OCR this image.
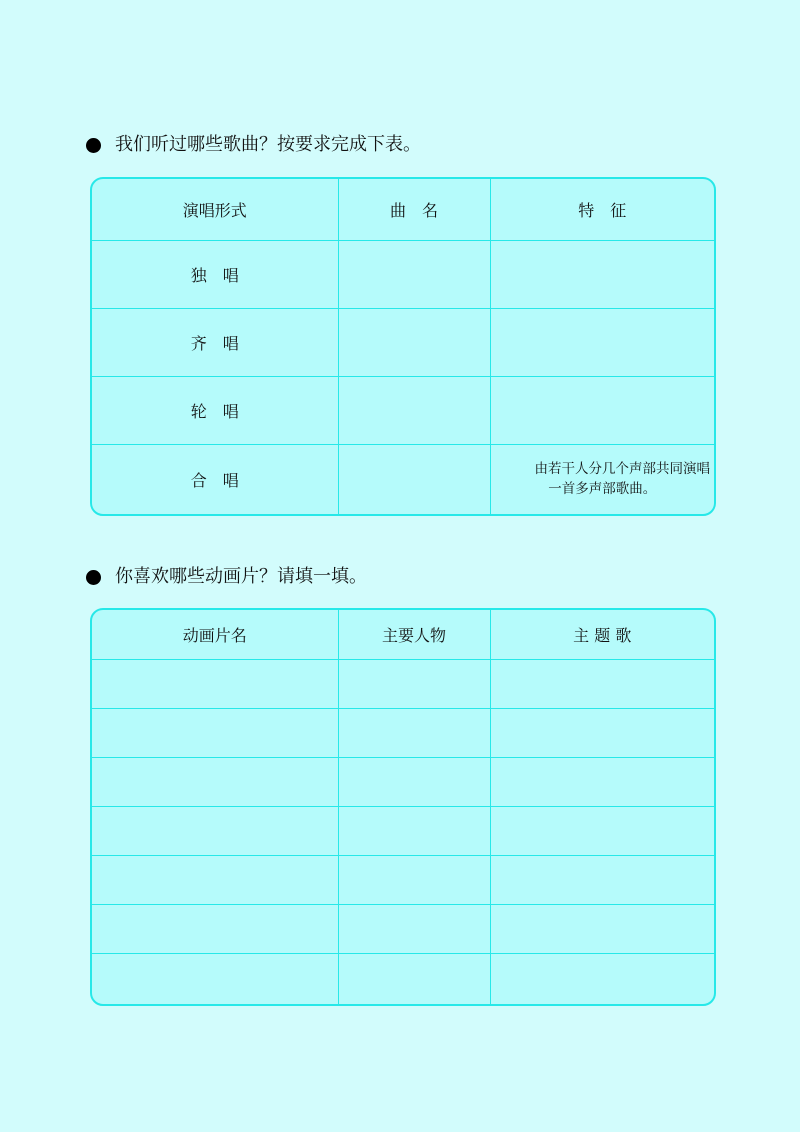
我们听过哪些歌曲？按要求完成下表。
演唱形式	曲　名	特　征
独　唱		
齐　唱		
轮　唱		
合　唱		由若干人分几个声部共同演唱一首多声部歌曲。
你喜欢哪些动画片？请填一填。
动画片名	主要人物	主 题 歌
